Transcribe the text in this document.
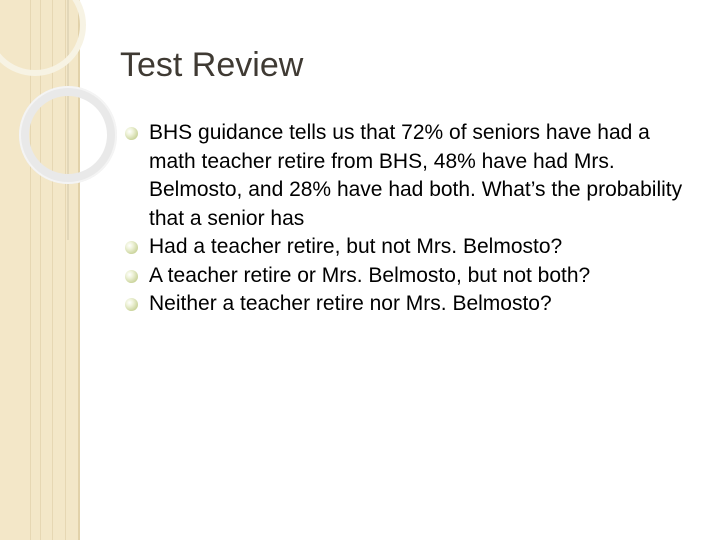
Test Review
BHS guidance tells us that 72% of seniors have had a math teacher retire from BHS, 48% have had Mrs. Belmosto, and 28% have had both. What’s the probability that a senior has
Had a teacher retire, but not Mrs. Belmosto?
A teacher retire or Mrs. Belmosto, but not both?
Neither a teacher retire nor Mrs. Belmosto?
